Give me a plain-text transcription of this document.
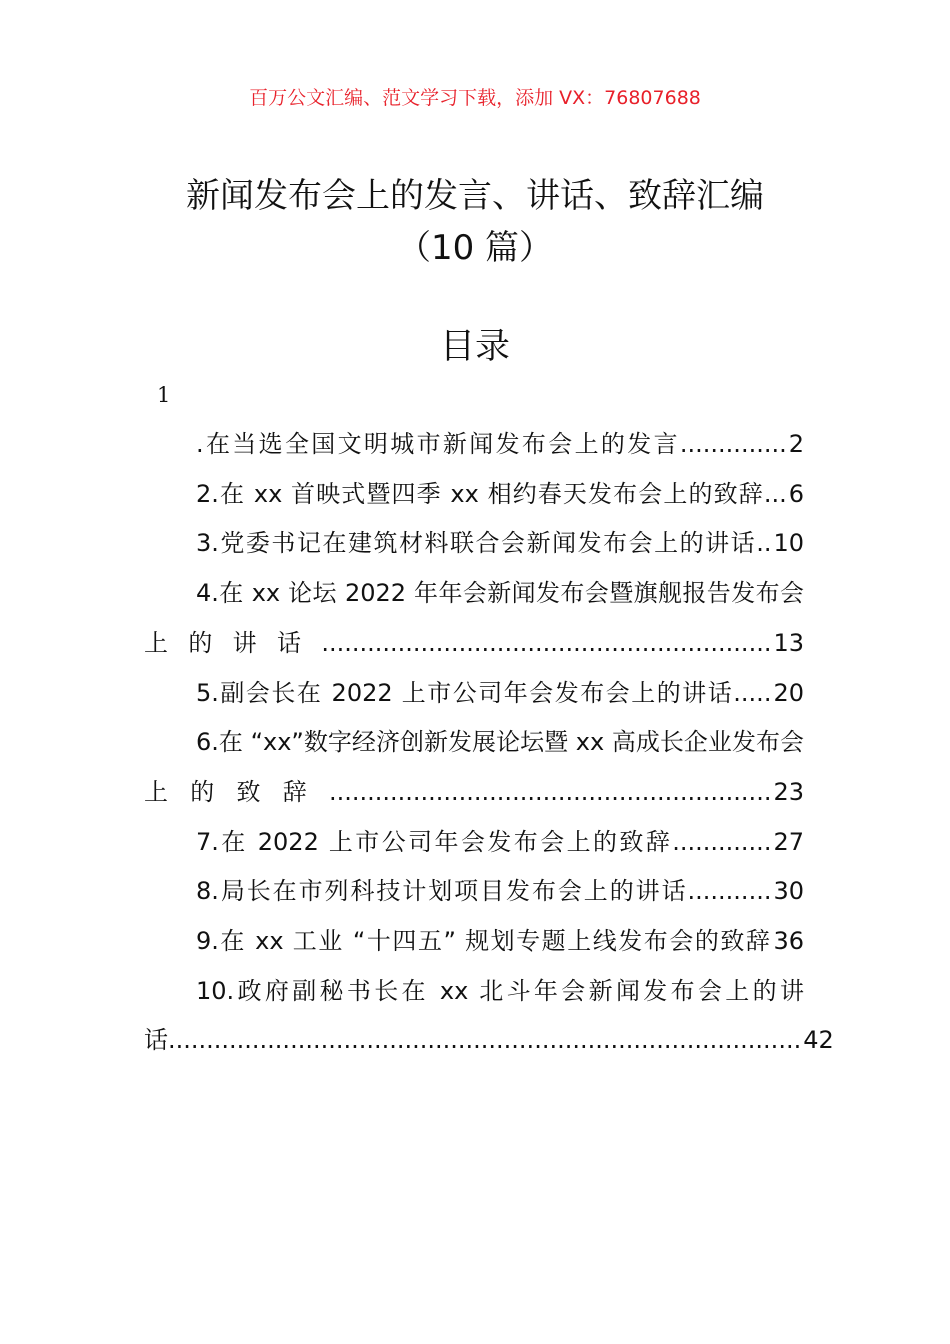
百万公文汇编、范文学习下载，添加 VX：76807688
新闻发布会上的发言、讲话、致辞汇编
（10 篇）
目录
1
.在当选全国文明城市新闻发布会上的发言..............2
2.在 xx 首映式暨四季 xx 相约春天发布会上的致辞...6
3.党委书记在建筑材料联合会新闻发布会上的讲话..10
4.在 xx 论坛 2022 年年会新闻发布会暨旗舰报告发布会上的讲话...........................................................13
5.副会长在 2022 上市公司年会发布会上的讲话.....20
6.在 “xx”数字经济创新发展论坛暨 xx 高成长企业发布会上的致辞..........................................................23
7.在 2022 上市公司年会发布会上的致辞.............27
8.局长在市列科技计划项目发布会上的讲话...........30
9.在 xx 工业 “十四五” 规划专题上线发布会的致辞36
10.政府副秘书长在 xx 北斗年会新闻发布会上的讲话...................................................................................42
